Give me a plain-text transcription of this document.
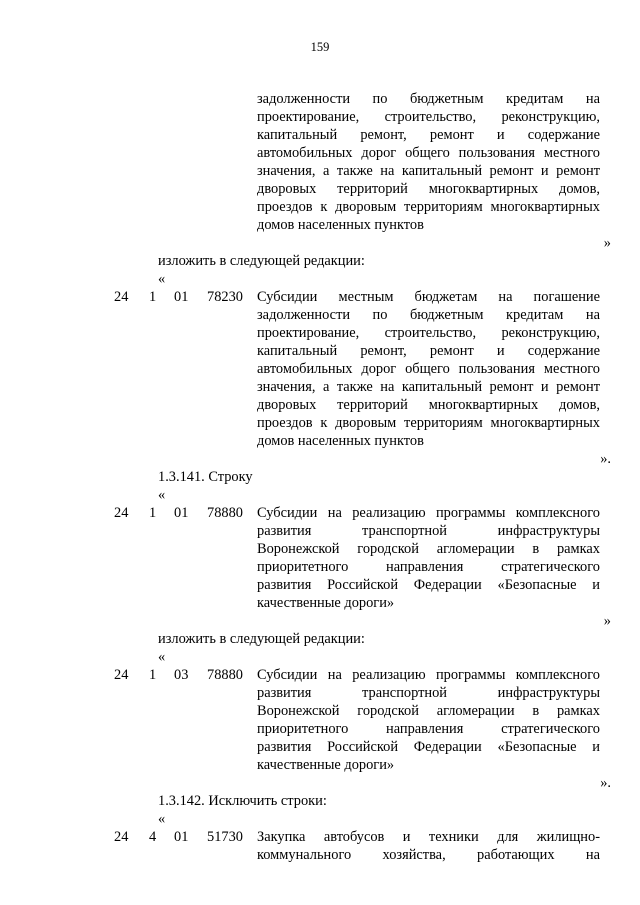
159
задолженности по бюджетным кредитам на
проектирование, строительство, реконструкцию,
капитальный ремонт, ремонт и содержание
автомобильных дорог общего пользования местного
значения, а также на капитальный ремонт и ремонт
дворовых территорий многоквартирных домов,
проездов к дворовым территориям многоквартирных
домов населенных пунктов
»
изложить в следующей редакции:
«
24 1 01 78230 Субсидии местным бюджетам на погашение
задолженности по бюджетным кредитам на
проектирование, строительство, реконструкцию,
капитальный ремонт, ремонт и содержание
автомобильных дорог общего пользования местного
значения, а также на капитальный ремонт и ремонт
дворовых территорий многоквартирных домов,
проездов к дворовым территориям многоквартирных
домов населенных пунктов
».
1.3.141. Строку
«
24 1 01 78880 Субсидии на реализацию программы комплексного
развития транспортной инфраструктуры
Воронежской городской агломерации в рамках
приоритетного направления стратегического
развития Российской Федерации «Безопасные и
качественные дороги»
»
изложить в следующей редакции:
«
24 1 03 78880 Субсидии на реализацию программы комплексного
развития транспортной инфраструктуры
Воронежской городской агломерации в рамках
приоритетного направления стратегического
развития Российской Федерации «Безопасные и
качественные дороги»
».
1.3.142. Исключить строки:
«
24 4 01 51730 Закупка автобусов и техники для жилищно-
коммунального хозяйства, работающих на
